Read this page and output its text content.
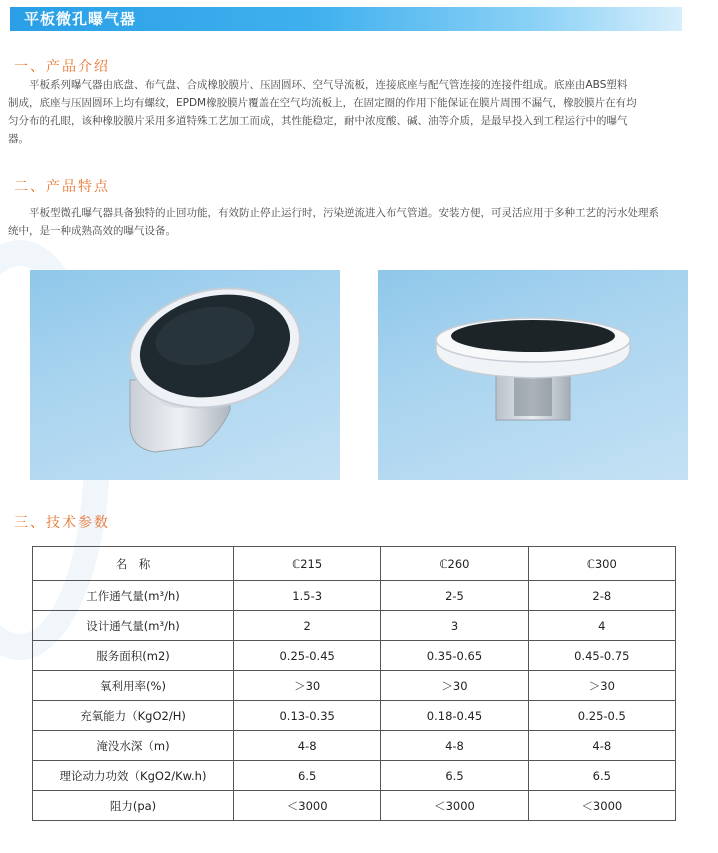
平板微孔曝气器
一、产品介绍
平板系列曝气器由底盘、布气盘、合成橡胶膜片、压固圆环、空气导流板，连接底座与配气管连接的连接件组成。底座由ABS塑料
制成，底座与压固圆环上均有螺纹，EPDM橡胶膜片覆盖在空气均流板上，在固定圈的作用下能保证在膜片周围不漏气，橡胶膜片在有均
匀分布的孔眼，该种橡胶膜片采用多道特殊工艺加工而成，其性能稳定，耐中浓度酸、碱、油等介质，是最早投入到工程运行中的曝气
器。
二、产品特点
平板型微孔曝气器具备独特的止回功能，有效防止停止运行时，污染逆流进入布气管道。安装方便，可灵活应用于多种工艺的污水处理系
统中，是一种成熟高效的曝气设备。
三、技术参数
名　称	ℂ215	ℂ260	ℂ300
工作通气量(m³/h)	1.5-3	2-5	2-8
设计通气量(m³/h)	2	3	4
服务面积(m2)	0.25-0.45	0.35-0.65	0.45-0.75
氧利用率(%)	＞30	＞30	＞30
充氧能力（KgO2/H)	0.13-0.35	0.18-0.45	0.25-0.5
淹没水深（m)	4-8	4-8	4-8
理论动力功效（KgO2/Kw.h)	6.5	6.5	6.5
阻力(pa)	＜3000	＜3000	＜3000
